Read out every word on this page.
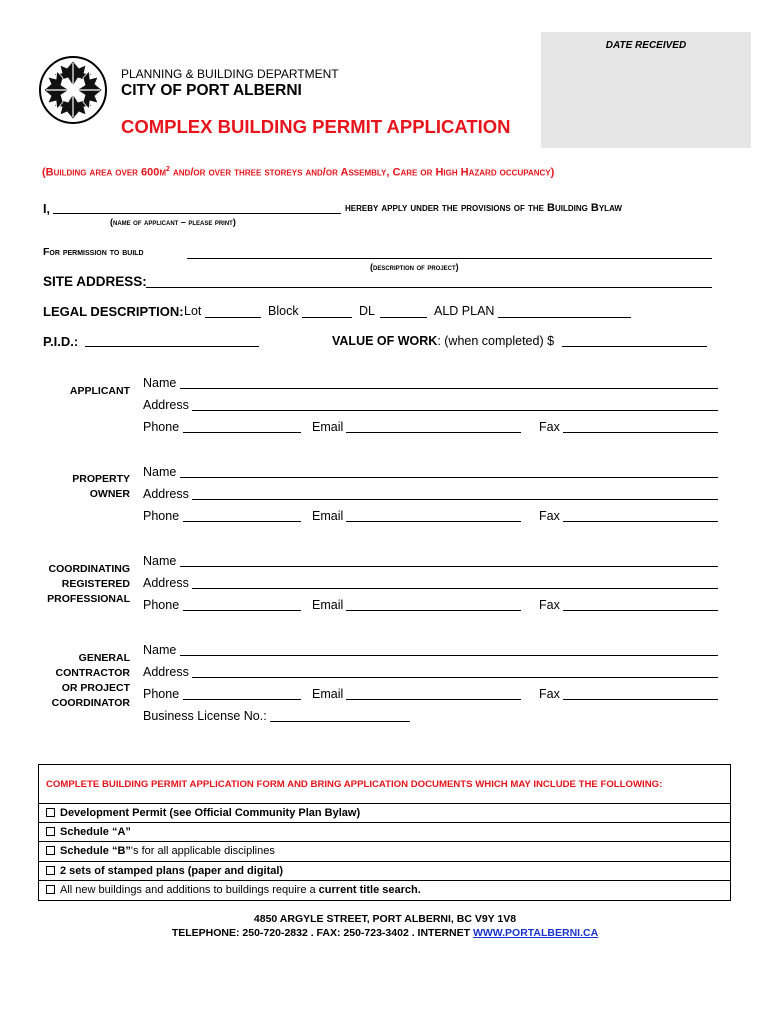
DATE RECEIVED
PLANNING & BUILDING DEPARTMENT
CITY OF PORT ALBERNI
COMPLEX BUILDING PERMIT APPLICATION
(Building area over $600m^2$ and/or over three storeys and/or Assembly, Care or High Hazard occupancy)
I,	hereby apply under the provisions of the Building Bylaw
(name of applicant – please print)
For permission to build
(description of project)
SITE ADDRESS:
LEGAL DESCRIPTION: Lot	Block	DL	ALD PLAN
P.I.D.:	VALUE OF WORK: (when completed) $
APPLICANT
Name
Address
Phone	Email	Fax
PROPERTY
OWNER
Name
Address
Phone	Email	Fax
COORDINATING
REGISTERED
PROFESSIONAL
Name
Address
Phone	Email	Fax
GENERAL
CONTRACTOR
OR PROJECT
COORDINATOR
Name
Address
Phone	Email	Fax
Business License No.:
COMPLETE BUILDING PERMIT APPLICATION FORM AND BRING APPLICATION DOCUMENTS WHICH MAY INCLUDE THE FOLLOWING:
Development Permit (see Official Community Plan Bylaw)
Schedule “A”
Schedule “B”'s for all applicable disciplines
2 sets of stamped plans (paper and digital)
All new buildings and additions to buildings require a current title search.
4850 ARGYLE STREET, PORT ALBERNI, BC V9Y 1V8
TELEPHONE: 250-720-2832 . FAX: 250-723-3402 . INTERNET WWW.PORTALBERNI.CA
